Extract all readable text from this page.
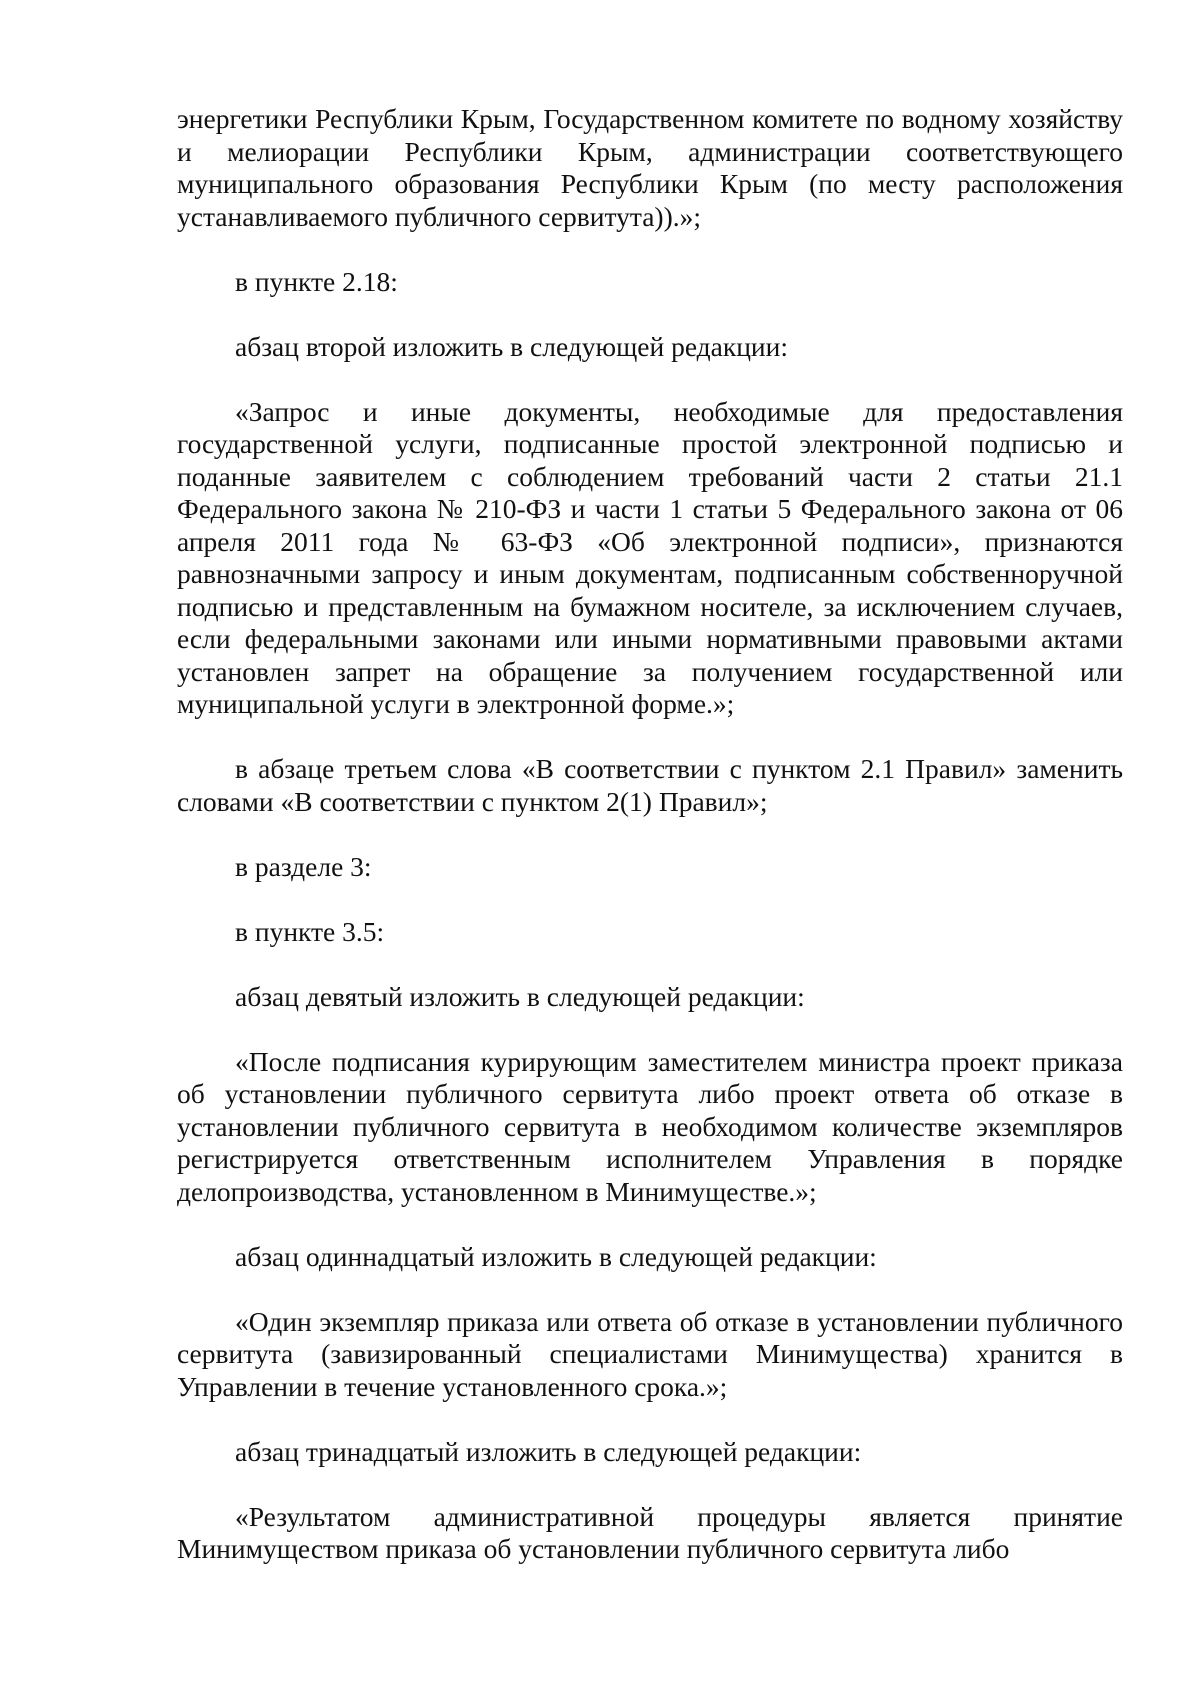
энергетики Республики Крым, Государственном комитете по водному хозяйству и мелиорации Республики Крым, администрации соответствующего муниципального образования Республики Крым (по месту расположения устанавливаемого публичного сервитута)).»;

в пункте 2.18:

абзац второй изложить в следующей редакции:

«Запрос и иные документы, необходимые для предоставления государственной услуги, подписанные простой электронной подписью и поданные заявителем с соблюдением требований части 2 статьи 21.1 Федерального закона № 210-ФЗ и части 1 статьи 5 Федерального закона от 06 апреля 2011 года № 63-ФЗ «Об электронной подписи», признаются равнозначными запросу и иным документам, подписанным собственноручной подписью и представленным на бумажном носителе, за исключением случаев, если федеральными законами или иными нормативными правовыми актами установлен запрет на обращение за получением государственной или муниципальной услуги в электронной форме.»;

в абзаце третьем слова «В соответствии с пунктом 2.1 Правил» заменить словами «В соответствии с пунктом 2(1) Правил»;

в разделе 3:

в пункте 3.5:

абзац девятый изложить в следующей редакции:

«После подписания курирующим заместителем министра проект приказа об установлении публичного сервитута либо проект ответа об отказе в установлении публичного сервитута в необходимом количестве экземпляров регистрируется ответственным исполнителем Управления в порядке делопроизводства, установленном в Минимуществе.»;

абзац одиннадцатый изложить в следующей редакции:

«Один экземпляр приказа или ответа об отказе в установлении публичного сервитута (завизированный специалистами Минимущества) хранится в Управлении в течение установленного срока.»;

абзац тринадцатый изложить в следующей редакции:

«Результатом административной процедуры является принятие Минимуществом приказа об установлении публичного сервитута либо
